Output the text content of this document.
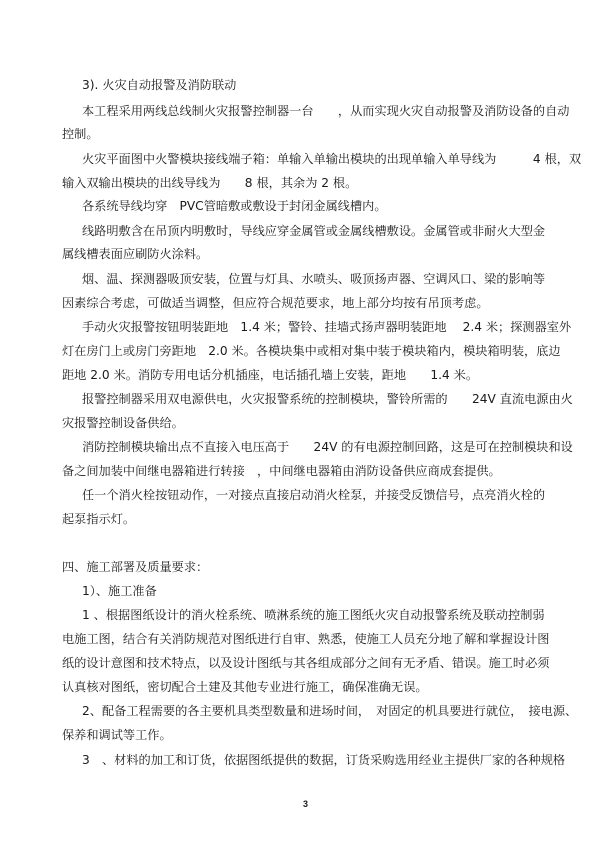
3). 火灾自动报警及消防联动
本工程采用两线总线制火灾报警控制器一台　　，从而实现火灾自动报警及消防设备的自动
控制。
火灾平面图中火警模块接线端子箱：单输入单输出模块的出现单输入单导线为　　　4 根，双
输入双输出模块的出线导线为　　8 根，其余为 2 根。
各系统导线均穿　PVC管暗敷或敷设于封闭金属线槽内。
线路明敷含在吊顶内明敷时，导线应穿金属管或金属线槽敷设。金属管或非耐火大型金
属线槽表面应刷防火涂料。
烟、温、探测器吸顶安装，位置与灯具、水喷头、吸顶扬声器、空调风口、梁的影响等
因素综合考虑，可做适当调整，但应符合规范要求，地上部分均按有吊顶考虑。
手动火灾报警按钮明装距地　1.4 米；警铃、挂墙式扬声器明装距地　 2.4 米；探测器室外
灯在房门上或房门旁距地　2.0 米。各模块集中或相对集中装于模块箱内，模块箱明装，底边
距地 2.0 米。消防专用电话分机插座，电话插孔墙上安装，距地　　1.4 米。
报警控制器采用双电源供电，火灾报警系统的控制模块，警铃所需的　　24V 直流电源由火
灾报警控制设备供给。
消防控制模块输出点不直接入电压高于　　24V 的有电源控制回路，这是可在控制模块和设
备之间加装中间继电器箱进行转接　，中间继电器箱由消防设备供应商成套提供。
任一个消火栓按钮动作，一对接点直接启动消火栓泵，并接受反馈信号，点亮消火栓的
起泵指示灯。
四、施工部署及质量要求：
1）、施工准备
1 、根据图纸设计的消火栓系统、喷淋系统的施工图纸火灾自动报警系统及联动控制弱
电施工图，结合有关消防规范对图纸进行自审、熟悉，使施工人员充分地了解和掌握设计图
纸的设计意图和技术特点，以及设计图纸与其各组成部分之间有无矛盾、错误。施工时必须
认真核对图纸，密切配合土建及其他专业进行施工，确保准确无误。
2、配备工程需要的各主要机具类型数量和进场时间，　对固定的机具要进行就位，　接电源、
保养和调试等工作。
3　、材料的加工和订货，依据图纸提供的数据，订货采购选用经业主提供厂家的各种规格
3
